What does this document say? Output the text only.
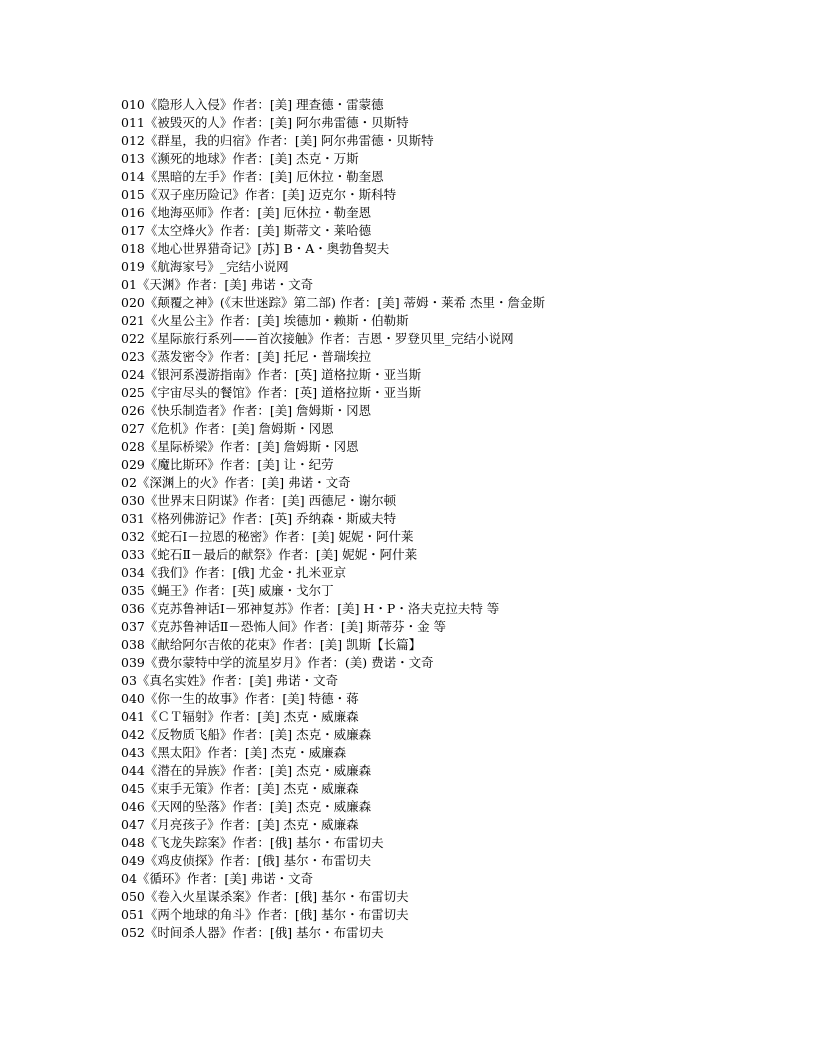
010《隐形人入侵》作者：[美] 理查德・雷蒙德
011《被毁灭的人》作者：[美] 阿尔弗雷德・贝斯特
012《群星，我的归宿》作者：[美] 阿尔弗雷德・贝斯特
013《濒死的地球》作者：[美] 杰克・万斯
014《黑暗的左手》作者：[美] 厄休拉・勒奎恩
015《双子座历险记》作者：[美] 迈克尔・斯科特
016《地海巫师》作者：[美] 厄休拉・勒奎恩
017《太空烽火》作者：[美] 斯蒂文・莱哈德
018《地心世界猎奇记》[苏] B・A・奥勃鲁契夫
019《航海家号》_完结小说网
01《天渊》作者：[美] 弗诺・文奇
020《颠覆之神》(《末世迷踪》第二部) 作者：[美] 蒂姆・莱希 杰里・詹金斯
021《火星公主》作者：[美] 埃德加・赖斯・伯勒斯
022《星际旅行系列——首次接触》作者：吉恩・罗登贝里_完结小说网
023《蒸发密令》作者：[美] 托尼・普瑞埃拉
024《银河系漫游指南》作者：[英] 道格拉斯・亚当斯
025《宇宙尽头的餐馆》作者：[英] 道格拉斯・亚当斯
026《快乐制造者》作者：[美] 詹姆斯・冈恩
027《危机》作者：[美] 詹姆斯・冈恩
028《星际桥梁》作者：[美] 詹姆斯・冈恩
029《魔比斯环》作者：[美] 让・纪劳
02《深渊上的火》作者：[美] 弗诺・文奇
030《世界末日阴谋》作者：[美] 西德尼・谢尔顿
031《格列佛游记》作者：[英] 乔纳森・斯威夫特
032《蛇石Ⅰ－拉恩的秘密》作者：[美] 妮妮・阿什莱
033《蛇石Ⅱ－最后的献祭》作者：[美] 妮妮・阿什莱
034《我们》作者：[俄] 尤金・扎米亚京
035《蝇王》作者：[英] 威廉・戈尔丁
036《克苏鲁神话Ⅰ－邪神复苏》作者：[美] H・P・洛夫克拉夫特 等
037《克苏鲁神话Ⅱ－恐怖人间》作者：[美] 斯蒂芬・金 等
038《献给阿尔吉侬的花束》作者：[美] 凯斯【长篇】
039《费尔蒙特中学的流星岁月》作者：(美) 费诺・文奇
03《真名实姓》作者：[美] 弗诺・文奇
040《你一生的故事》作者：[美] 特德・蒋
041《ＣＴ辐射》作者：[美] 杰克・威廉森
042《反物质飞船》作者：[美] 杰克・威廉森
043《黑太阳》作者：[美] 杰克・威廉森
044《潜在的异族》作者：[美] 杰克・威廉森
045《束手无策》作者：[美] 杰克・威廉森
046《天网的坠落》作者：[美] 杰克・威廉森
047《月亮孩子》作者：[美] 杰克・威廉森
048《飞龙失踪案》作者：[俄] 基尔・布雷切夫
049《鸡皮侦探》作者：[俄] 基尔・布雷切夫
04《循环》作者：[美] 弗诺・文奇
050《卷入火星谋杀案》作者：[俄] 基尔・布雷切夫
051《两个地球的角斗》作者：[俄] 基尔・布雷切夫
052《时间杀人器》作者：[俄] 基尔・布雷切夫
